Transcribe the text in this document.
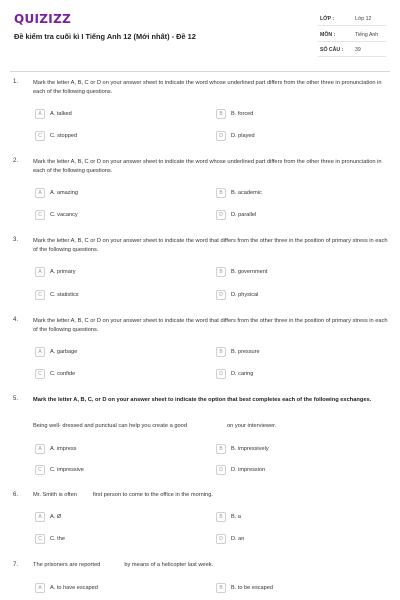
QUIZIZZ
Đề kiểm tra cuối kì I Tiếng Anh 12 (Mới nhất) - Đề 12
LỚP :	Lớp 12
MÔN :	Tiếng Anh
SỐ CÂU : 39
1.	Mark the letter A, B, C or D on your answer sheet to indicate the word whose underlined part differs from the other three in pronunciation in each of the following questions.
A	A. talked	B	B. forced
C	C. stopped	D	D. played
2.	Mark the letter A, B, C or D on your answer sheet to indicate the word whose underlined part differs from the other three in pronunciation in each of the following questions.
A	A. amazing	B	B. academic
C	C. vacancy	D	D. parallel
3.	Mark the letter A, B, C or D on your answer sheet to indicate the word that differs from the other three in the position of primary stress in each of the following questions.
A	A. primary	B	B. government
C	C. statistics	D	D. physical
4.	Mark the letter A, B, C or D on your answer sheet to indicate the word that differs from the other three in the position of primary stress in each of the following questions.
A	A. garbage	B	B. pressure
C	C. confide	D	D. caring
5.	Mark the letter A, B, C, or D on your answer sheet to indicate the option that best completes each of the following exchanges.
Being well- dressed and punctual can help you create a good	on your interviewer.
A	A. impress	B	B. impressively
C	C. impressive	D	D. impression
6.	Mr. Smith is often	first person to come to the office in the morning.
A	A. Ø	B	B. a
C	C. the	D	D. an
7.	The prisoners are reported	by means of a helicopter last week.
A	A. to have escaped	B	B. to be escaped
